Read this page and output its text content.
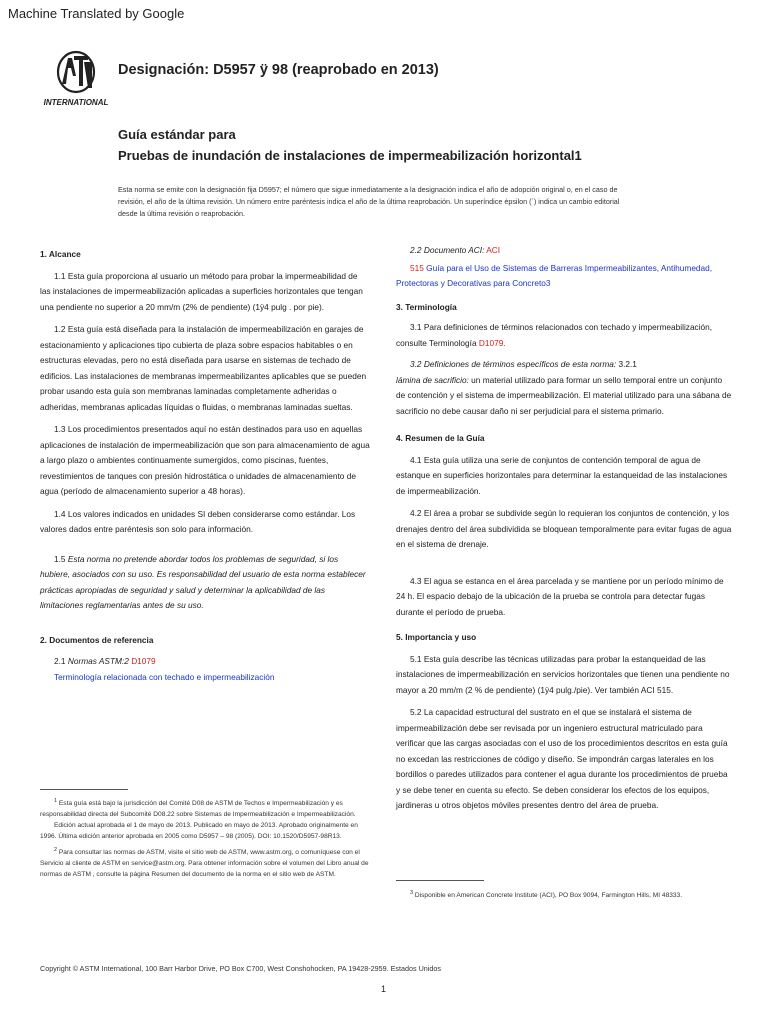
Machine Translated by Google
INTERNATIONAL
Designación: D5957 ÿ 98 (reaprobado en 2013)
Guía estándar para
Pruebas de inundación de instalaciones de impermeabilización horizontal1
Esta norma se emite con la designación fija D5957; el número que sigue inmediatamente a la designación indica el año de adopción original o, en el caso de revisión, el año de la última revisión. Un número entre paréntesis indica el año de la última reaprobación. Un superíndice épsilon (´) indica un cambio editorial desde la última revisión o reaprobación.

1. Alcance

1.1 Esta guía proporciona al usuario un método para probar la impermeabilidad de las instalaciones de impermeabilización aplicadas a superficies horizontales que tengan una pendiente no superior a 20 mm/m (2% de pendiente) (1ÿ4 pulg . por pie).

1.2 Esta guía está diseñada para la instalación de impermeabilización en garajes de estacionamiento y aplicaciones tipo cubierta de plaza sobre espacios habitables o en estructuras elevadas, pero no está diseñada para usarse en sistemas de techado de edificios. Las instalaciones de membranas impermeabilizantes aplicables que se pueden probar usando esta guía son membranas laminadas completamente adheridas o adheridas, membranas aplicadas líquidas o fluidas, o membranas laminadas sueltas.

1.3 Los procedimientos presentados aquí no están destinados para uso en aquellas aplicaciones de instalación de impermeabilización que son para almacenamiento de agua a largo plazo o ambientes continuamente sumergidos, como piscinas, fuentes, revestimientos de tanques con presión hidrostática o unidades de almacenamiento de agua (período de almacenamiento superior a 48 horas).

1.4 Los valores indicados en unidades SI deben considerarse como estándar. Los valores dados entre paréntesis son solo para información.

1.5 Esta norma no pretende abordar todos los problemas de seguridad, si los hubiere, asociados con su uso. Es responsabilidad del usuario de esta norma establecer prácticas apropiadas de seguridad y salud y determinar la aplicabilidad de las limitaciones reglamentarias antes de su uso.

2. Documentos de referencia

2.1 Normas ASTM:2 D1079

Terminología relacionada con techado e impermeabilización

$^1$ Esta guía está bajo la jurisdicción del Comité D08 de ASTM de Techos e Impermeabilización y es responsabilidad directa del Subcomité D08.22 sobre Sistemas de Impermeabilización e Impermeabilización.

Edición actual aprobada el 1 de mayo de 2013. Publicado en mayo de 2013. Aprobado originalmente en 1996. Última edición anterior aprobada en 2005 como D5957 – 98 (2005). DOI: 10.1520/D5957-98R13.

$^2$ Para consultar las normas de ASTM, visite el sitio web de ASTM, www.astm.org, o comuníquese con el Servicio al cliente de ASTM en service@astm.org. Para obtener información sobre el volumen del Libro anual de normas de ASTM , consulte la página Resumen del documento de la norma en el sitio web de ASTM.

2.2 Documento ACI: ACI

515 Guía para el Uso de Sistemas de Barreras Impermeabilizantes, Antihumedad, Protectoras y Decorativas para Concreto3

3. Terminología

3.1 Para definiciones de términos relacionados con techado y impermeabilización, consulte Terminología D1079.

3.2 Definiciones de términos específicos de esta norma: 3.2.1
lámina de sacrificio: un material utilizado para formar un sello temporal entre un conjunto de contención y el sistema de impermeabilización. El material utilizado para una sábana de sacrificio no debe causar daño ni ser perjudicial para el sistema primario.

4. Resumen de la Guía

4.1 Esta guía utiliza una serie de conjuntos de contención temporal de agua de estanque en superficies horizontales para determinar la estanqueidad de las instalaciones de impermeabilización.

4.2 El área a probar se subdivide según lo requieran los conjuntos de contención, y los drenajes dentro del área subdividida se bloquean temporalmente para evitar fugas de agua en el sistema de drenaje.

4.3 El agua se estanca en el área parcelada y se mantiene por un período mínimo de 24 h. El espacio debajo de la ubicación de la prueba se controla para detectar fugas durante el período de prueba.

5. Importancia y uso

5.1 Esta guía describe las técnicas utilizadas para probar la estanqueidad de las instalaciones de impermeabilización en servicios horizontales que tienen una pendiente no mayor a 20 mm/m (2 % de pendiente) (1ÿ4 pulg./pie). Ver también ACI 515.

5.2 La capacidad estructural del sustrato en el que se instalará el sistema de impermeabilización debe ser revisada por un ingeniero estructural matriculado para verificar que las cargas asociadas con el uso de los procedimientos descritos en esta guía no excedan las restricciones de código y diseño. Se impondrán cargas laterales en los bordillos o paredes utilizados para contener el agua durante los procedimientos de prueba y se debe tener en cuenta su efecto. Se deben considerar los efectos de los equipos, jardineras u otros objetos móviles presentes dentro del área de prueba.

$^3$ Disponible en American Concrete Institute (ACI), PO Box 9094, Farmington Hills, MI 48333.

Copyright © ASTM International, 100 Barr Harbor Drive, PO Box C700, West Conshohocken, PA 19428-2959. Estados Unidos
1
